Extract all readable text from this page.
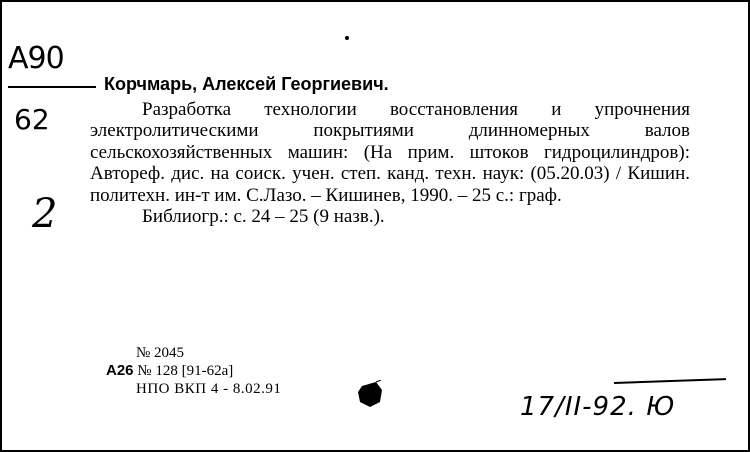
А90
62
2
Корчмарь, Алексей Георгиевич.
Разработка технологии восстановления и упрочнения электролитическими покрытиями длинномерных валов сельскохозяйственных машин: (На прим. штоков гидроцилиндров): Автореф. дис. на соиск. учен. степ. канд. техн. наук: (05.20.03) / Кишин. политехн. ин-т им. С.Лазо. – Кишинев, 1990. – 25 с.: граф.
Библиогр.: с. 24 – 25 (9 назв.).
№ 2045
А26 № 128 [91-62а]
НПО ВКП 4 - 8.02.91
17/II-92. Ю
